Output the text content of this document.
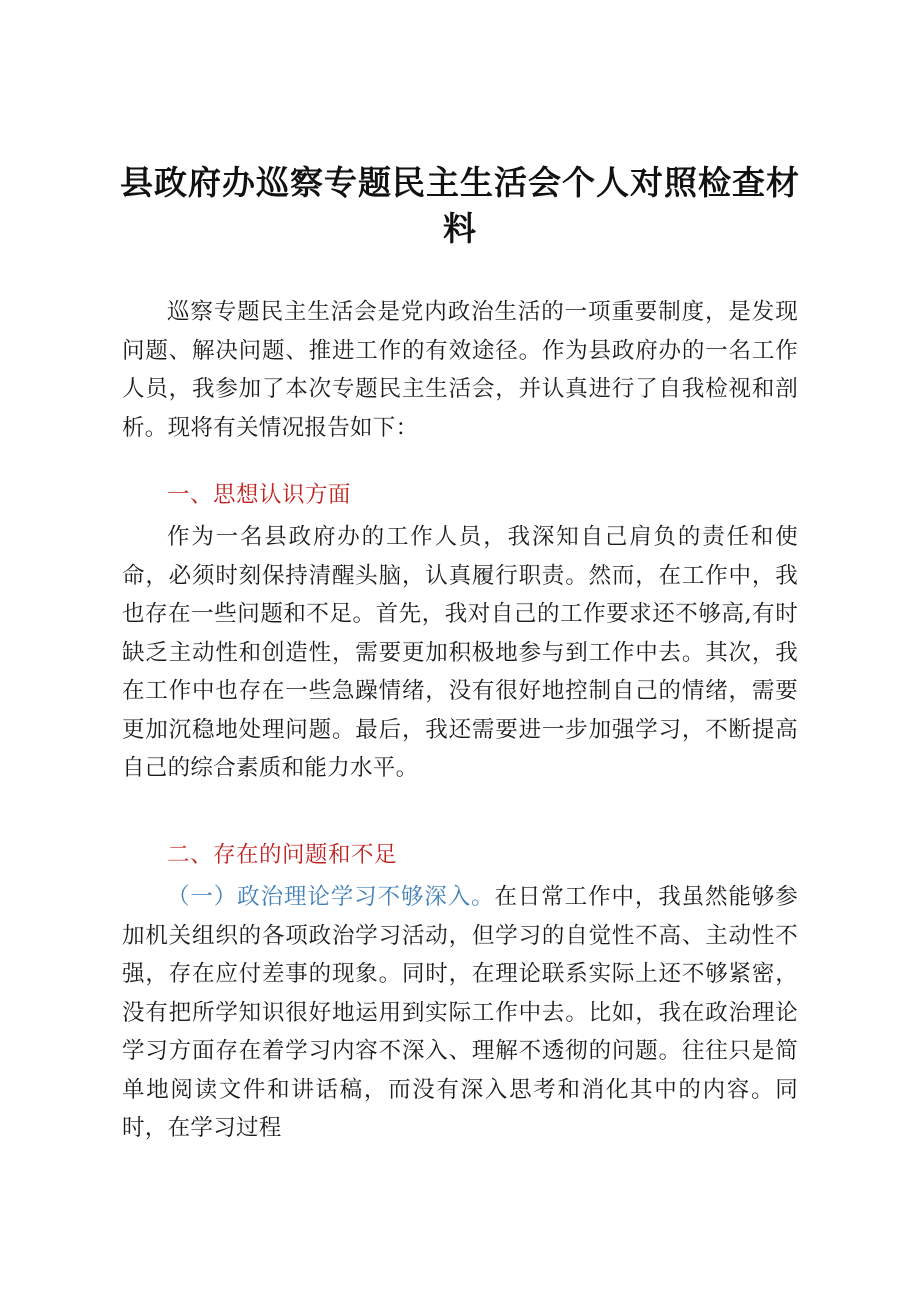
县政府办巡察专题民主生活会个人对照检查材
料

巡察专题民主生活会是党内政治生活的一项重要制度，是发现问题、解决问题、推进工作的有效途径。作为县政府办的一名工作人员，我参加了本次专题民主生活会，并认真进行了自我检视和剖析。现将有关情况报告如下：

一、思想认识方面

作为一名县政府办的工作人员，我深知自己肩负的责任和使命，必须时刻保持清醒头脑，认真履行职责。然而，在工作中，我也存在一些问题和不足。首先，我对自己的工作要求还不够高,有时缺乏主动性和创造性，需要更加积极地参与到工作中去。其次，我在工作中也存在一些急躁情绪，没有很好地控制自己的情绪，需要更加沉稳地处理问题。最后，我还需要进一步加强学习，不断提高自己的综合素质和能力水平。

二、存在的问题和不足

（一）政治理论学习不够深入。在日常工作中，我虽然能够参加机关组织的各项政治学习活动，但学习的自觉性不高、主动性不强，存在应付差事的现象。同时，在理论联系实际上还不够紧密，没有把所学知识很好地运用到实际工作中去。比如，我在政治理论学习方面存在着学习内容不深入、理解不透彻的问题。往往只是简单地阅读文件和讲话稿，而没有深入思考和消化其中的内容。同时，在学习过程
